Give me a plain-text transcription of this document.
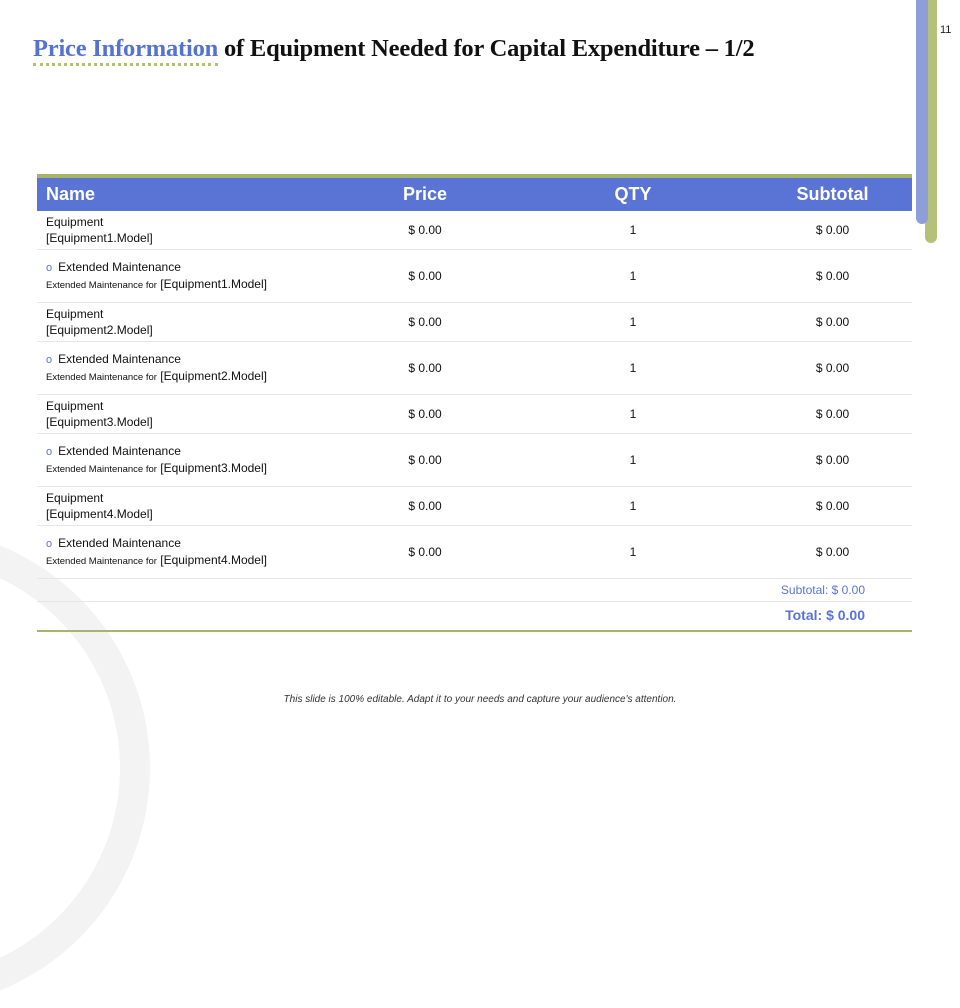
11
Price Information of Equipment Needed for Capital Expenditure – 1/2
Name	Price	QTY	Subtotal

Equipment
[Equipment1.Model]	$ 0.00	1	$ 0.00

o Extended Maintenance
Extended Maintenance for [Equipment1.Model]	$ 0.00	1	$ 0.00

Equipment
[Equipment2.Model]	$ 0.00	1	$ 0.00

o Extended Maintenance
Extended Maintenance for [Equipment2.Model]	$ 0.00	1	$ 0.00

Equipment
[Equipment3.Model]	$ 0.00	1	$ 0.00

o Extended Maintenance
Extended Maintenance for [Equipment3.Model]	$ 0.00	1	$ 0.00

Equipment
[Equipment4.Model]	$ 0.00	1	$ 0.00

o Extended Maintenance
Extended Maintenance for [Equipment4.Model]	$ 0.00	1	$ 0.00
Subtotal: $ 0.00			
Total: $ 0.00			
This slide is 100% editable. Adapt it to your needs and capture your audience's attention.
